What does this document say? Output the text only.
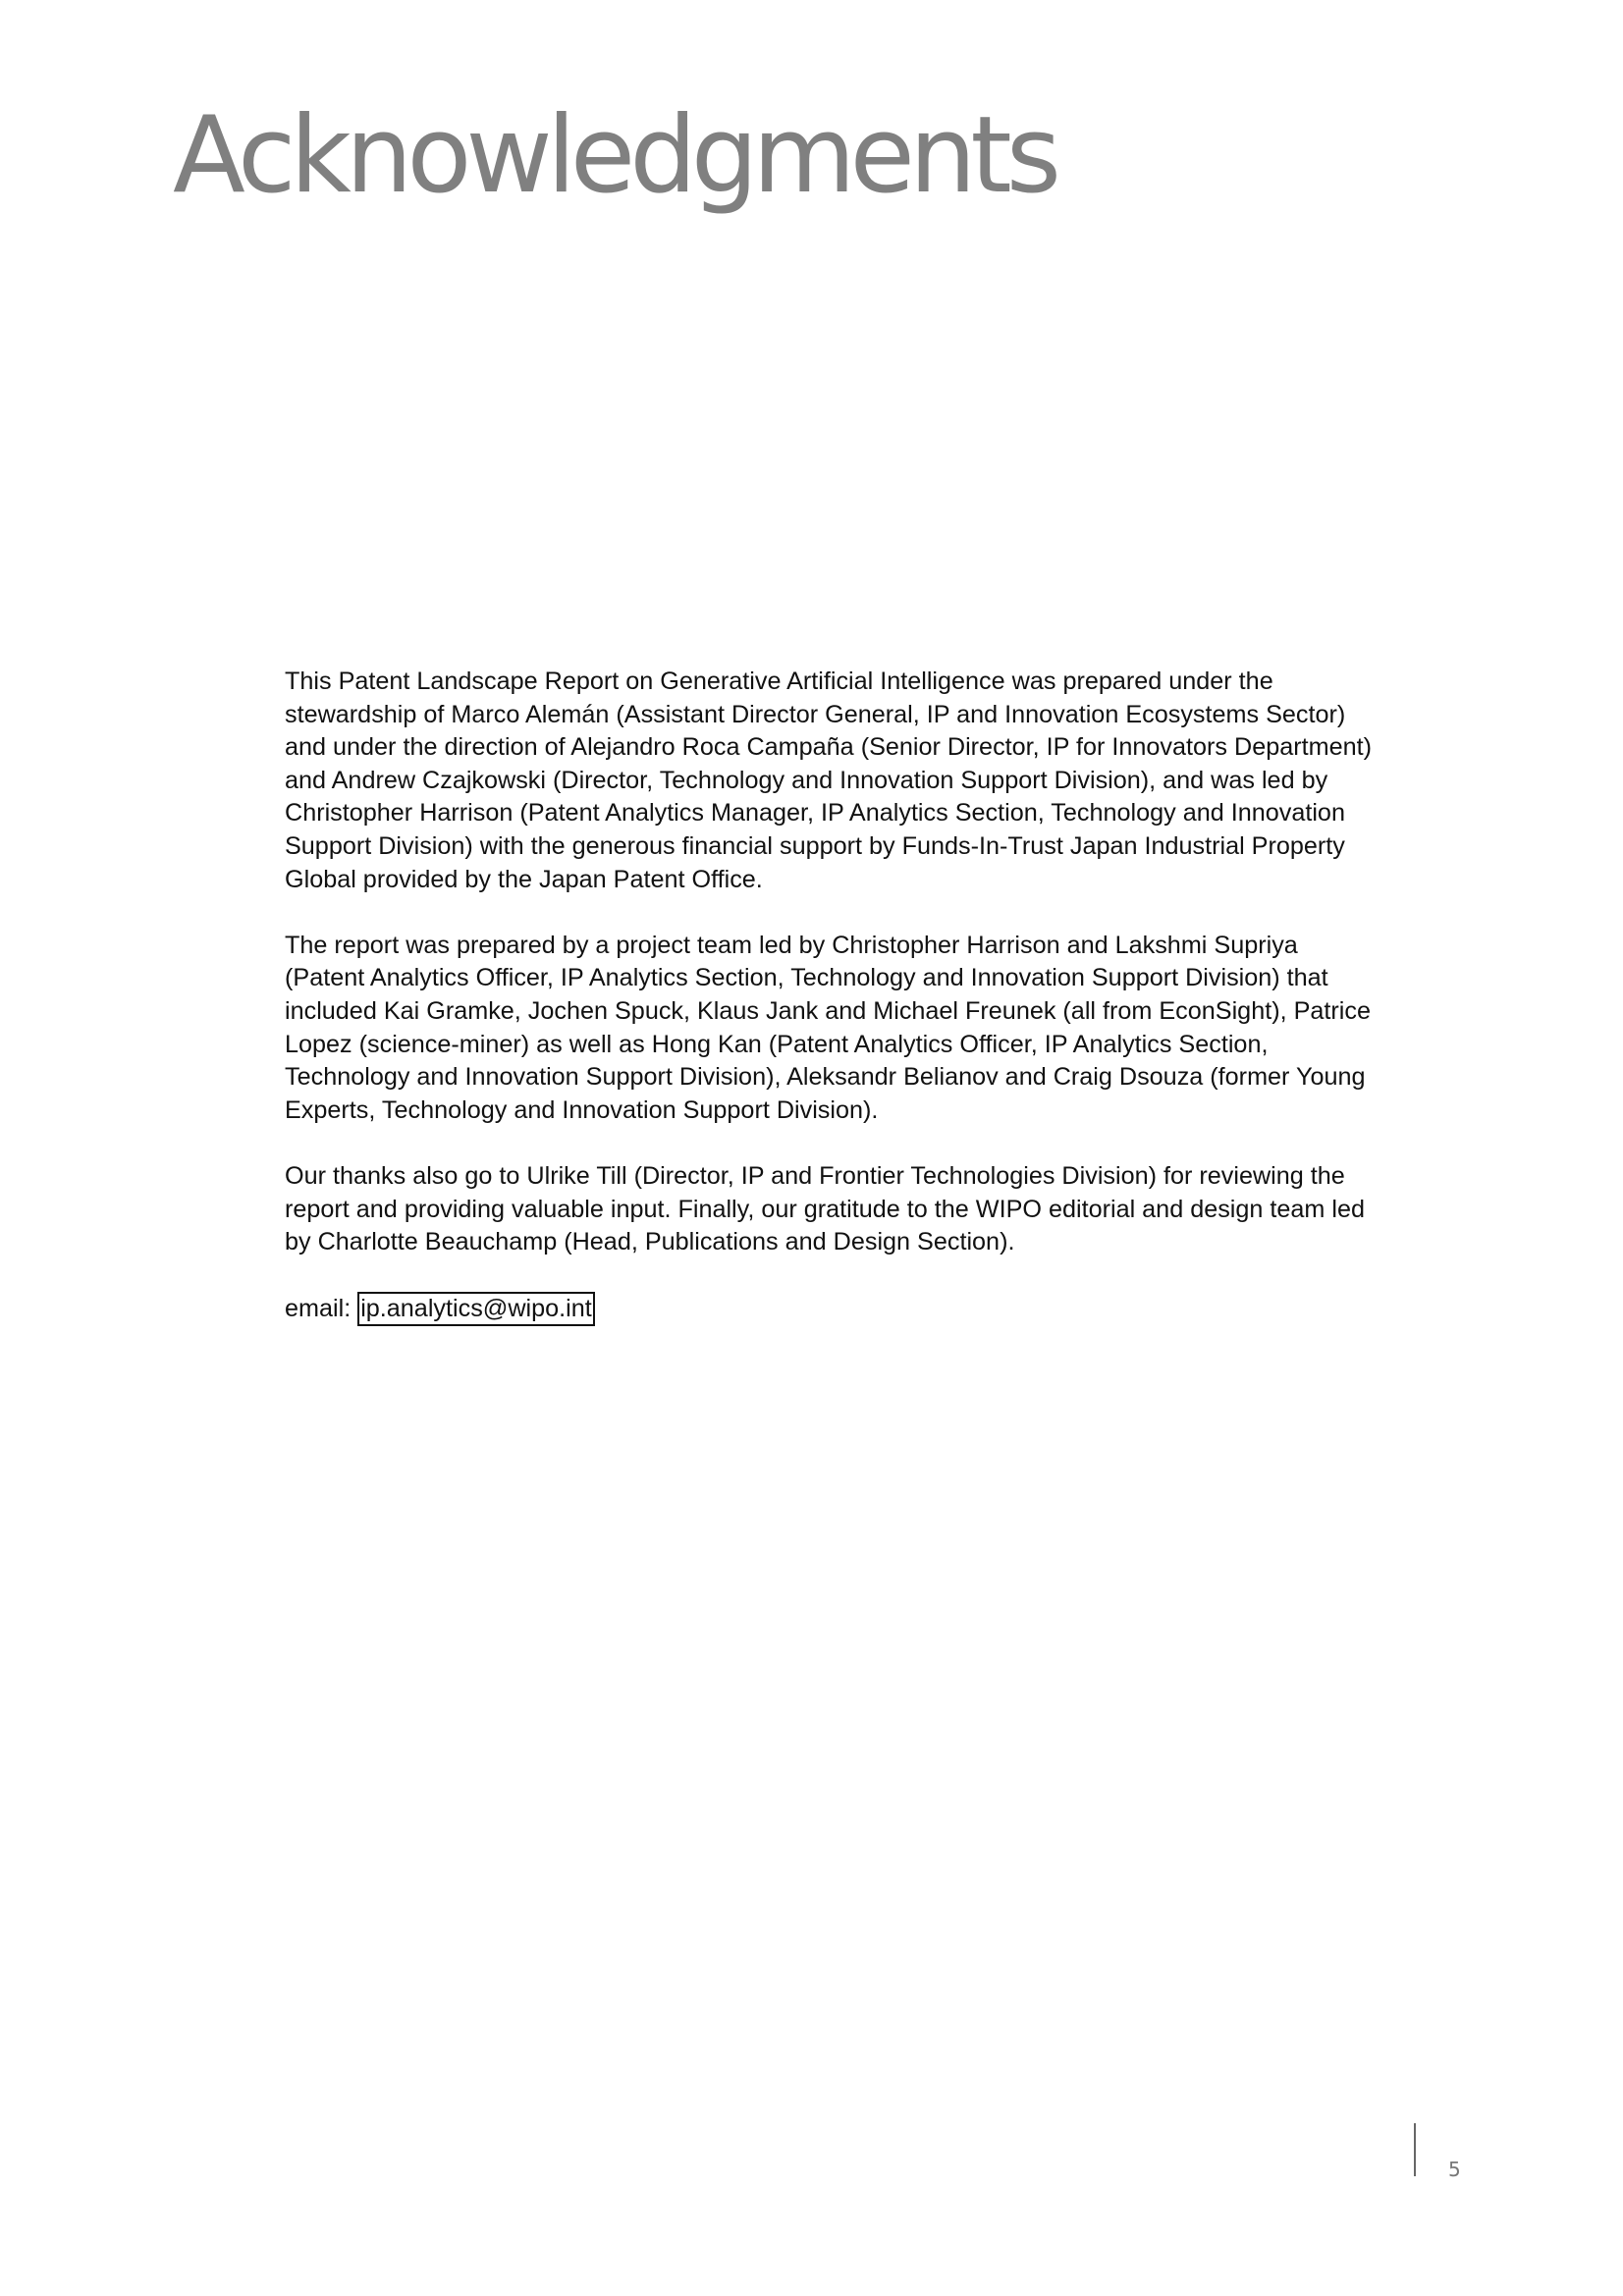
Acknowledgments

This Patent Landscape Report on Generative Artificial Intelligence was prepared under the stewardship of Marco Alemán (Assistant Director General, IP and Innovation Ecosystems Sector) and under the direction of Alejandro Roca Campaña (Senior Director, IP for Innovators Department) and Andrew Czajkowski (Director, Technology and Innovation Support Division), and was led by Christopher Harrison (Patent Analytics Manager, IP Analytics Section, Technology and Innovation Support Division) with the generous financial support by Funds-In-Trust Japan Industrial Property Global provided by the Japan Patent Office.

The report was prepared by a project team led by Christopher Harrison and Lakshmi Supriya (Patent Analytics Officer, IP Analytics Section, Technology and Innovation Support Division) that included Kai Gramke, Jochen Spuck, Klaus Jank and Michael Freunek (all from EconSight), Patrice Lopez (science-miner) as well as Hong Kan (Patent Analytics Officer, IP Analytics Section, Technology and Innovation Support Division), Aleksandr Belianov and Craig Dsouza (former Young Experts, Technology and Innovation Support Division).

Our thanks also go to Ulrike Till (Director, IP and Frontier Technologies Division) for reviewing the report and providing valuable input. Finally, our gratitude to the WIPO editorial and design team led by Charlotte Beauchamp (Head, Publications and Design Section).

email: ip.analytics@wipo.int

5
